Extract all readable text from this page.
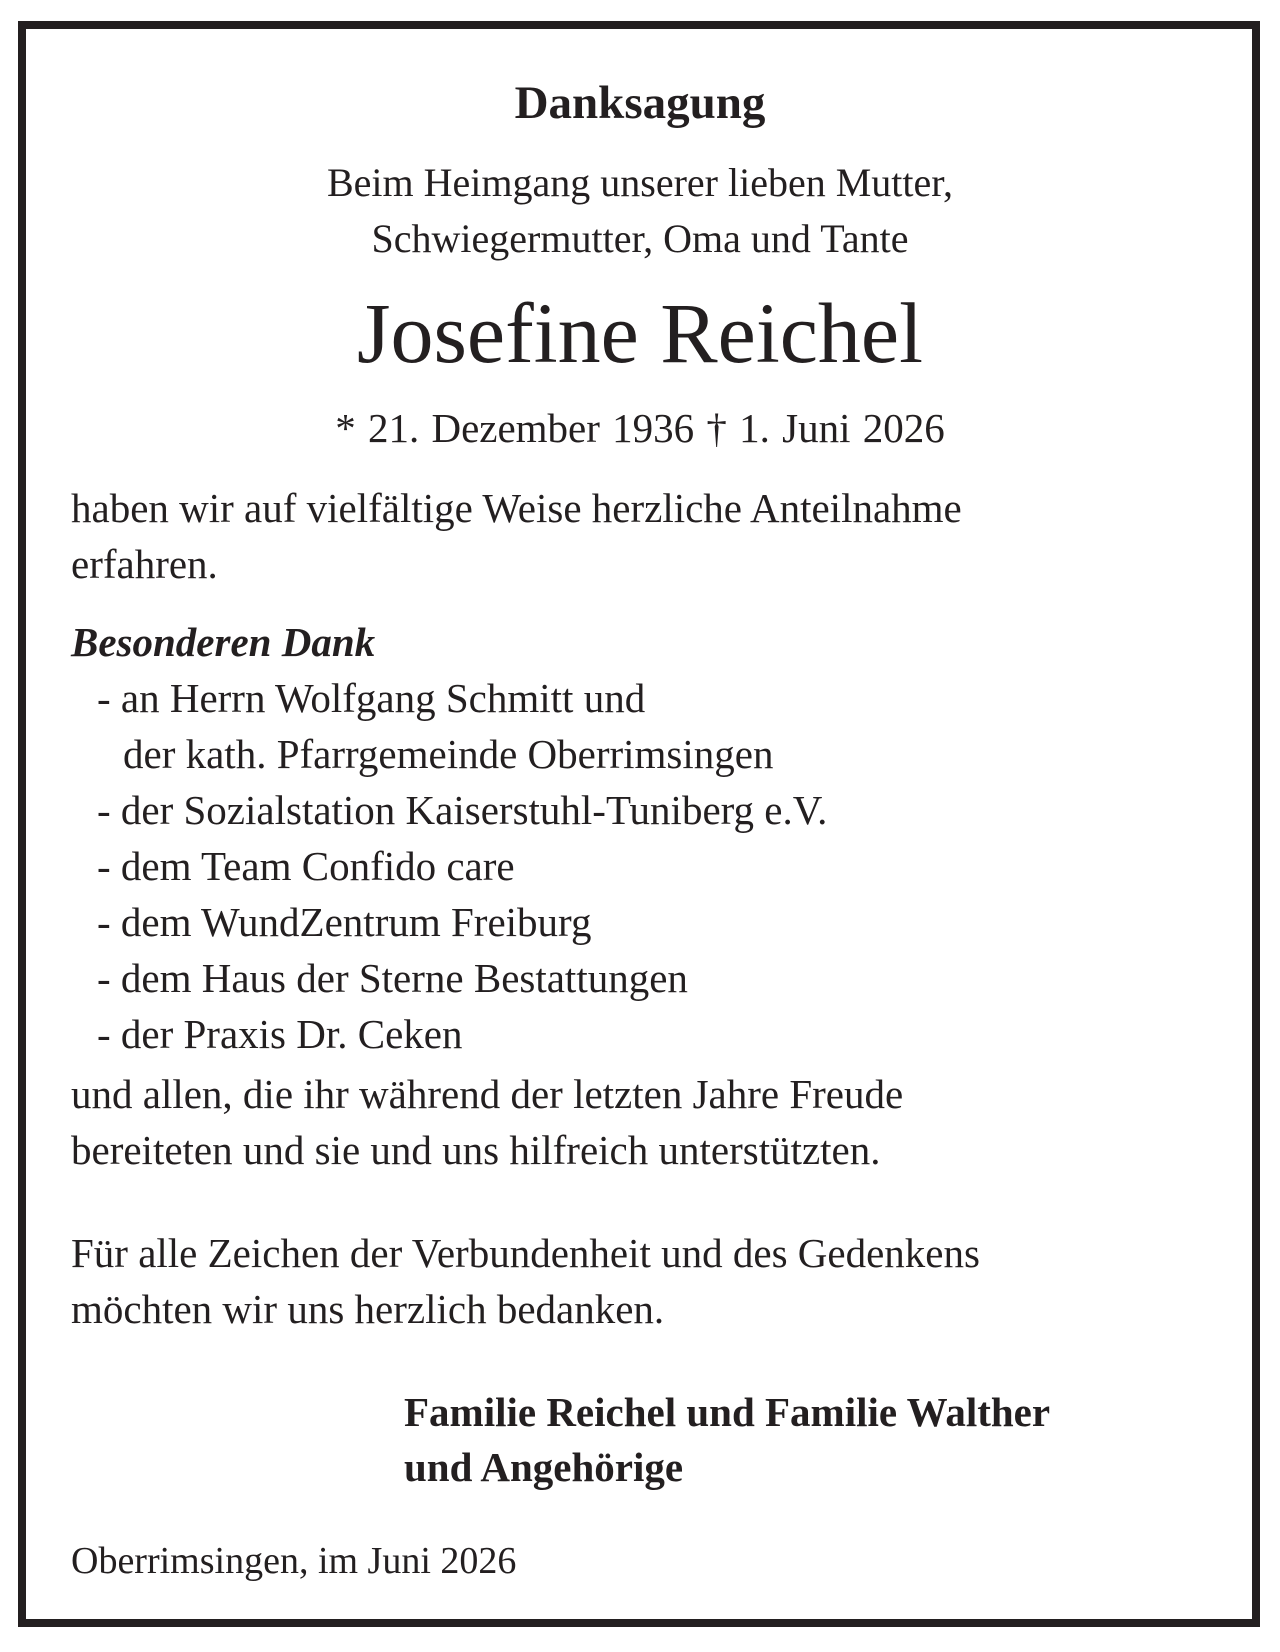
Danksagung

Beim Heimgang unserer lieben Mutter,

Schwiegermutter, Oma und Tante

Josefine Reichel

* 21. Dezember 1936 † 1. Juni 2026

haben wir auf vielfältige Weise herzliche Anteilnahme

erfahren.

Besonderen Dank

- an Herrn Wolfgang Schmitt und

der kath. Pfarrgemeinde Oberrimsingen

- der Sozialstation Kaiserstuhl-Tuniberg e.V.

- dem Team Confido care

- dem WundZentrum Freiburg

- dem Haus der Sterne Bestattungen

- der Praxis Dr. Ceken

und allen, die ihr während der letzten Jahre Freude

bereiteten und sie und uns hilfreich unterstützten.

Für alle Zeichen der Verbundenheit und des Gedenkens

möchten wir uns herzlich bedanken.

Familie Reichel und Familie Walther

und Angehörige

Oberrimsingen, im Juni 2026
